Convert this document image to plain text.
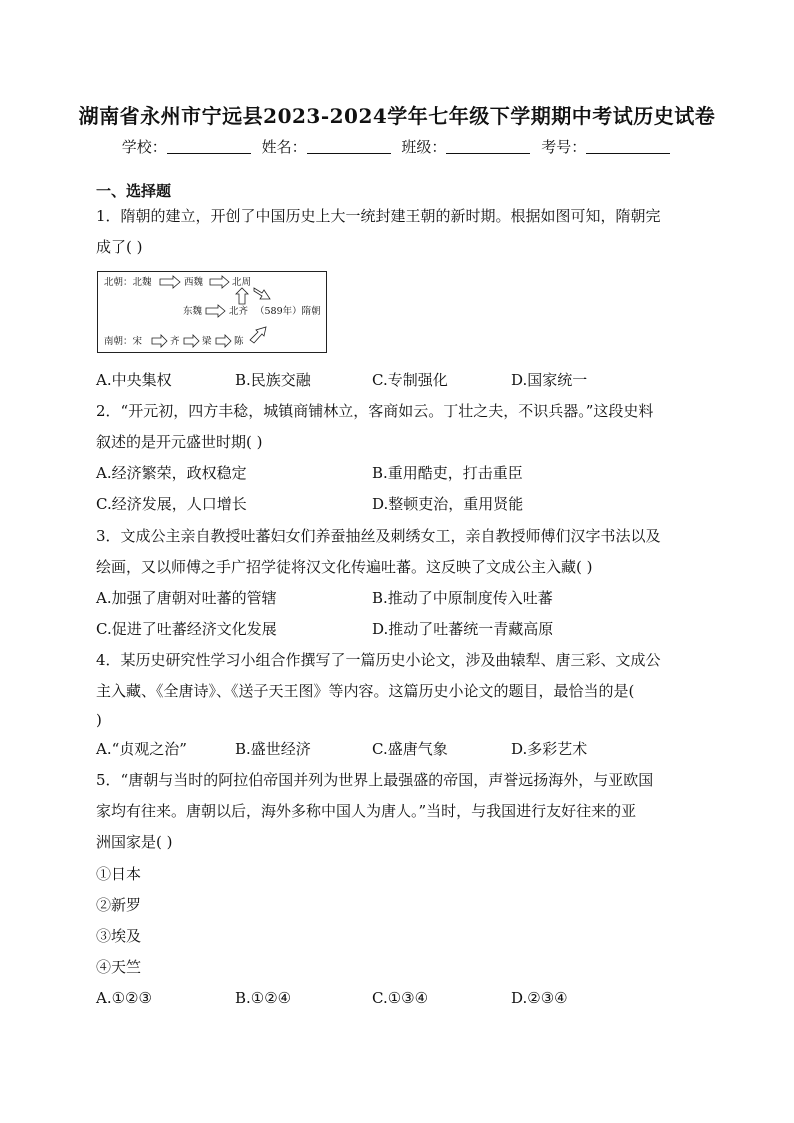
湖南省永州市宁远县2023-2024学年七年级下学期期中考试历史试卷
学校：	姓名：	班级：	考号：
一、选择题
1．隋朝的建立，开创了中国历史上大一统封建王朝的新时期。根据如图可知，隋朝完
成了( )
北朝：北魏	西魏	北周
东魏	北齐 （589年）隋朝
南朝：宋	齐 梁 陈
A.中央集权	B.民族交融	C.专制强化	D.国家统一
2．“开元初，四方丰稔，城镇商铺林立，客商如云。丁壮之夫，不识兵器。”这段史料
叙述的是开元盛世时期( )
A.经济繁荣，政权稳定	B.重用酷吏，打击重臣
C.经济发展，人口增长	D.整顿吏治，重用贤能
3．文成公主亲自教授吐蕃妇女们养蚕抽丝及刺绣女工，亲自教授师傅们汉字书法以及
绘画，又以师傅之手广招学徒将汉文化传遍吐蕃。这反映了文成公主入藏( )
A.加强了唐朝对吐蕃的管辖	B.推动了中原制度传入吐蕃
C.促进了吐蕃经济文化发展	D.推动了吐蕃统一青藏高原
4．某历史研究性学习小组合作撰写了一篇历史小论文，涉及曲辕犁、唐三彩、文成公
主入藏、《全唐诗》、《送子天王图》等内容。这篇历史小论文的题目，最恰当的是(
)
A.“贞观之治”	B.盛世经济	C.盛唐气象	D.多彩艺术
5．“唐朝与当时的阿拉伯帝国并列为世界上最强盛的帝国，声誉远扬海外，与亚欧国
家均有往来。唐朝以后，海外多称中国人为唐人。”当时，与我国进行友好往来的亚
洲国家是( )
①日本
②新罗
③埃及
④天竺
A.①②③	B.①②④	C.①③④	D.②③④
